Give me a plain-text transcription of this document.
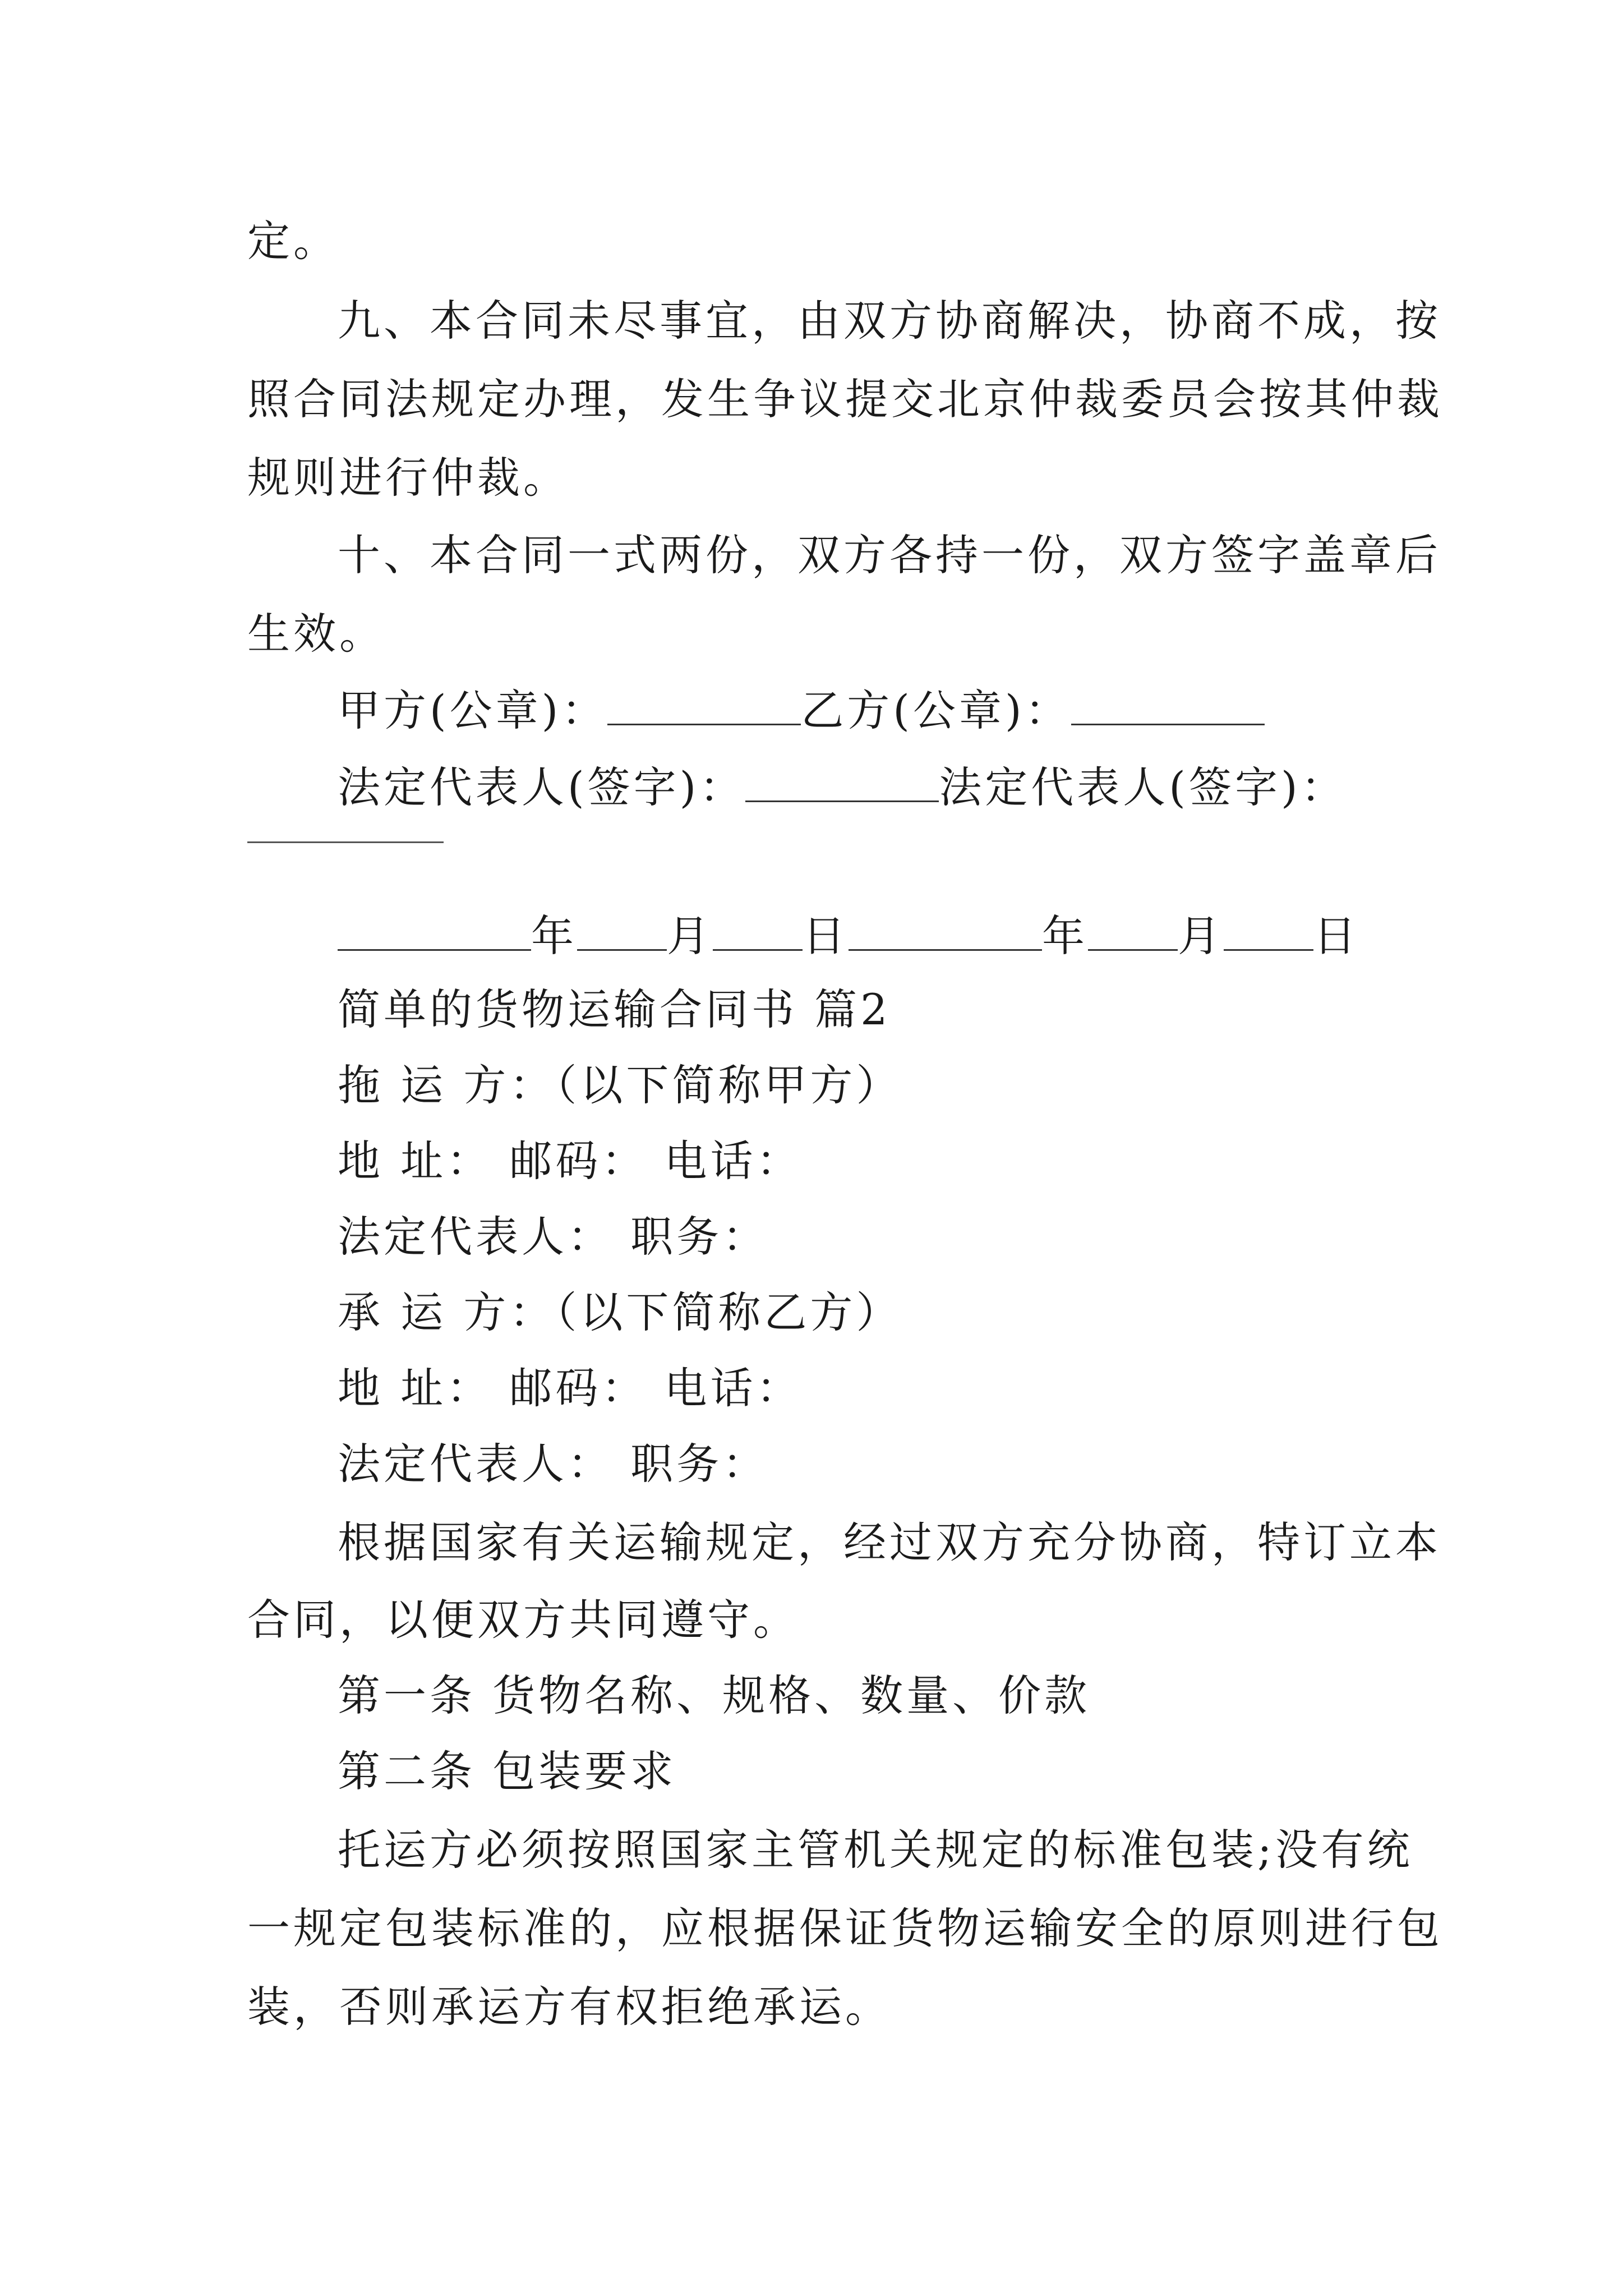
定。
九、本合同未尽事宜，由双方协商解决，协商不成，按
照合同法规定办理，发生争议提交北京仲裁委员会按其仲裁
规则进行仲裁。
十、本合同一式两份，双方各持一份，双方签字盖章后
生效。
甲方(公章)：	乙方(公章)：
法定代表人(签字)：	法定代表人(签字)：
年 月 日	年 月 日
简单的货物运输合同书 篇2
拖 运 方：（以下简称甲方）
地 址： 邮码： 电话：
法定代表人： 职务：
承 运 方：（以下简称乙方）
地 址： 邮码： 电话：
法定代表人： 职务：
根据国家有关运输规定，经过双方充分协商，特订立本
合同，以便双方共同遵守。
第一条 货物名称、规格、数量、价款
第二条 包装要求
托运方必须按照国家主管机关规定的标准包装;没有统
一规定包装标准的，应根据保证货物运输安全的原则进行包
装，否则承运方有权拒绝承运。
